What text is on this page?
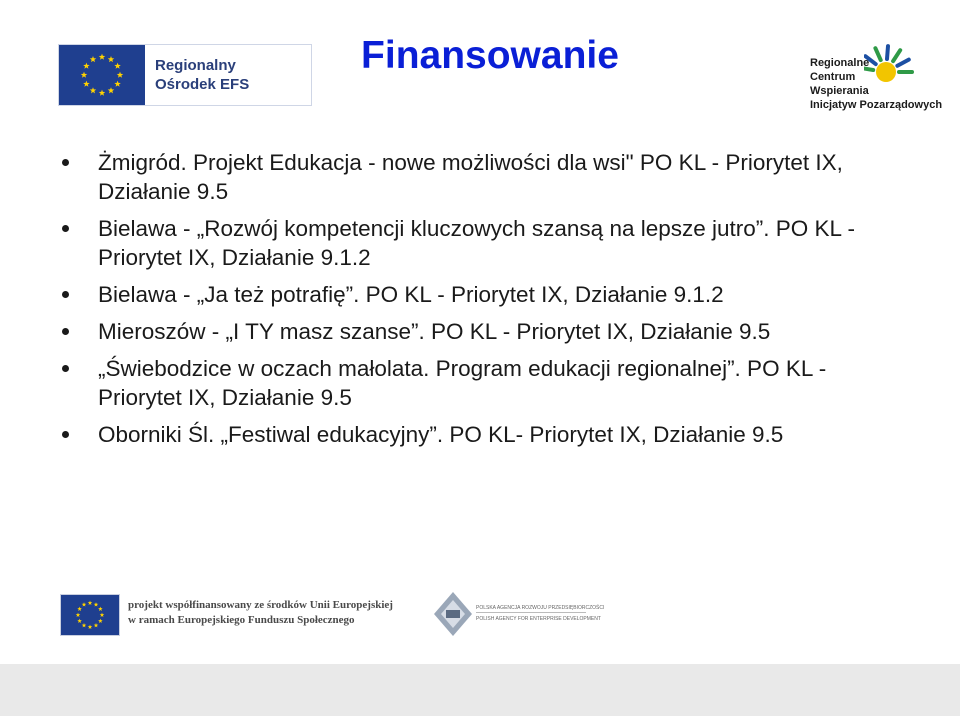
Regionalny
Ośrodek EFS
Finansowanie	Regionalne
Centrum
Wspierania
Inicjatyw Pozarządowych
Żmigród. Projekt Edukacja - nowe możliwości dla wsi" PO KL - Priorytet IX, Działanie 9.5
Bielawa - „Rozwój kompetencji kluczowych szansą na lepsze jutro”. PO KL - Priorytet IX, Działanie 9.1.2
Bielawa - „Ja też potrafię”. PO KL - Priorytet IX, Działanie 9.1.2
Mieroszów - „I TY masz szanse”. PO KL - Priorytet IX, Działanie 9.5
„Świebodzice w oczach małolata. Program edukacji regionalnej”. PO KL - Priorytet IX, Działanie 9.5
Oborniki Śl. „Festiwal edukacyjny”. PO KL- Priorytet IX, Działanie 9.5
projekt współfinansowany ze środków Unii Europejskiej
w ramach Europejskiego Funduszu Społecznego
POLSKA AGENCJA ROZWOJU PRZEDSIĘBIORCZOŚCI
POLISH AGENCY FOR ENTERPRISE DEVELOPMENT
